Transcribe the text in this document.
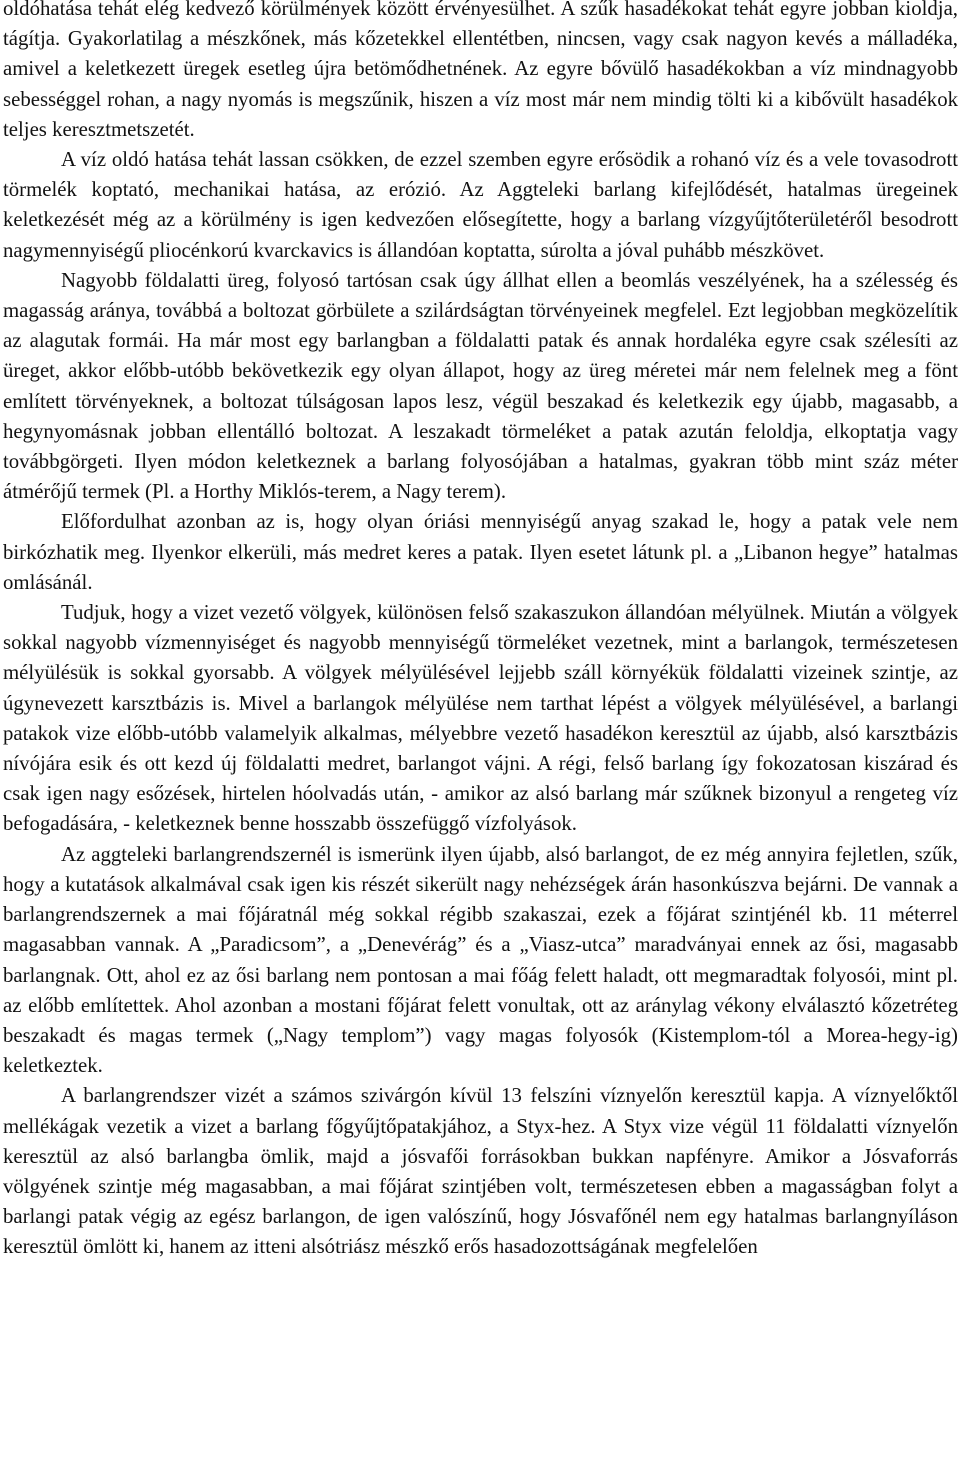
oldóhatása tehát elég kedvező körülmények között érvényesülhet. A szűk hasadékokat tehát egyre jobban kioldja, tágítja. Gyakorlatilag a mészkőnek, más kőzetekkel ellentétben, nincsen, vagy csak nagyon kevés a málladéka, amivel a keletkezett üregek esetleg újra betömődhetnének. Az egyre bővülő hasadékokban a víz mindnagyobb sebességgel rohan, a nagy nyomás is megszűnik, hiszen a víz most már nem mindig tölti ki a kibővült hasadékok teljes keresztmetszetét.

A víz oldó hatása tehát lassan csökken, de ezzel szemben egyre erősödik a rohanó víz és a vele tovasodrott törmelék koptató, mechanikai hatása, az erózió. Az Aggteleki barlang kifejlődését, hatalmas üregeinek keletkezését még az a körülmény is igen kedvezően elősegítette, hogy a barlang vízgyűjtőterületéről besodrott nagymennyiségű pliocénkorú kvarckavics is állandóan koptatta, súrolta a jóval puhább mészkövet.

Nagyobb földalatti üreg, folyosó tartósan csak úgy állhat ellen a beomlás veszélyének, ha a szélesség és magasság aránya, továbbá a boltozat görbülete a szilárdságtan törvényeinek megfelel. Ezt legjobban megközelítik az alagutak formái. Ha már most egy barlangban a földalatti patak és annak hordaléka egyre csak szélesíti az üreget, akkor előbb-utóbb bekövetkezik egy olyan állapot, hogy az üreg méretei már nem felelnek meg a fönt említett törvényeknek, a boltozat túlságosan lapos lesz, végül beszakad és keletkezik egy újabb, magasabb, a hegynyomásnak jobban ellentálló boltozat. A leszakadt törmeléket a patak azután feloldja, elkoptatja vagy továbbgörgeti. Ilyen módon keletkeznek a barlang folyosójában a hatalmas, gyakran több mint száz méter átmérőjű termek (Pl. a Horthy Miklós-terem, a Nagy terem).

Előfordulhat azonban az is, hogy olyan óriási mennyiségű anyag szakad le, hogy a patak vele nem birkózhatik meg. Ilyenkor elkerüli, más medret keres a patak. Ilyen esetet látunk pl. a „Libanon hegye” hatalmas omlásánál.

Tudjuk, hogy a vizet vezető völgyek, különösen felső szakaszukon állandóan mélyülnek. Miután a völgyek sokkal nagyobb vízmennyiséget és nagyobb mennyiségű törmeléket vezetnek, mint a barlangok, természetesen mélyülésük is sokkal gyorsabb. A völgyek mélyülésével lejjebb száll környékük földalatti vizeinek szintje, az úgynevezett karsztbázis is. Mivel a barlangok mélyülése nem tarthat lépést a völgyek mélyülésével, a barlangi patakok vize előbb-utóbb valamelyik alkalmas, mélyebbre vezető hasadékon keresztül az újabb, alsó karsztbázis nívójára esik és ott kezd új földalatti medret, barlangot vájni. A régi, felső barlang így fokozatosan kiszárad és csak igen nagy esőzések, hirtelen hóolvadás után, - amikor az alsó barlang már szűknek bizonyul a rengeteg víz befogadására, - keletkeznek benne hosszabb összefüggő vízfolyások.

Az aggteleki barlangrendszernél is ismerünk ilyen újabb, alsó barlangot, de ez még annyira fejletlen, szűk, hogy a kutatások alkalmával csak igen kis részét sikerült nagy nehézségek árán hasonkúszva bejárni. De vannak a barlangrendszernek a mai főjáratnál még sokkal régibb szakaszai, ezek a főjárat szintjénél kb. 11 méterrel magasabban vannak. A „Paradicsom”, a „Denevérág” és a „Viasz-utca” maradványai ennek az ősi, magasabb barlangnak. Ott, ahol ez az ősi barlang nem pontosan a mai főág felett haladt, ott megmaradtak folyosói, mint pl. az előbb említettek. Ahol azonban a mostani főjárat felett vonultak, ott az aránylag vékony elválasztó kőzetréteg beszakadt és magas termek („Nagy templom”) vagy magas folyosók (Kistemplom-tól a Morea-hegy-ig) keletkeztek.

A barlangrendszer vizét a számos szivárgón kívül 13 felszíni víznyelőn keresztül kapja. A víznyelőktől mellékágak vezetik a vizet a barlang főgyűjtőpatakjához, a Styx-hez. A Styx vize végül 11 földalatti víznyelőn keresztül az alsó barlangba ömlik, majd a jósvafői forrásokban bukkan napfényre. Amikor a Jósvaforrás völgyének szintje még magasabban, a mai főjárat szintjében volt, természetesen ebben a magasságban folyt a barlangi patak végig az egész barlangon, de igen valószínű, hogy Jósvafőnél nem egy hatalmas barlangnyíláson keresztül ömlött ki, hanem az itteni alsótriász mészkő erős hasadozottságának megfelelően
